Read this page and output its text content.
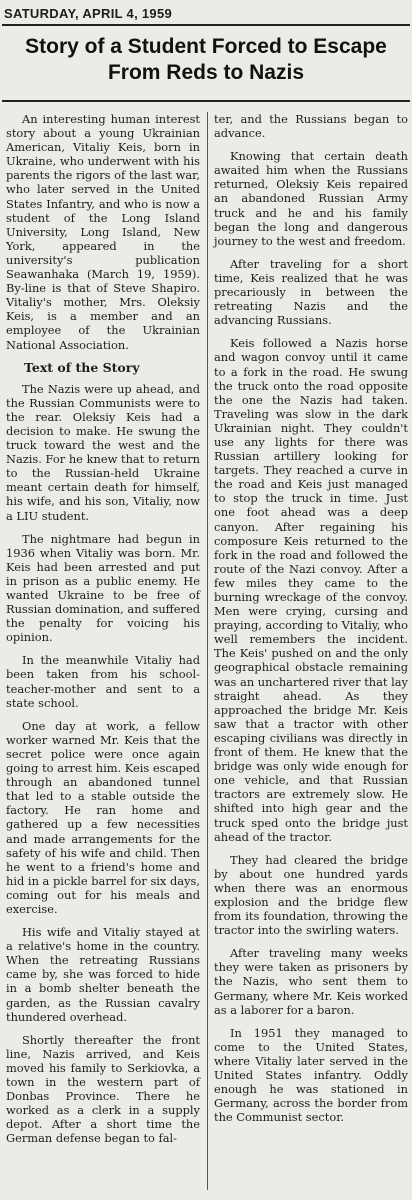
SATURDAY, APRIL 4, 1959
Story of a Student Forced to Escape
From Reds to Nazis

An interesting human interest story about a young Ukrainian American, Vitaliy Keis, born in Ukraine, who underwent with his parents the rigors of the last war, who later served in the United States Infantry, and who is now a student of the Long Island University, Long Island, New York, appeared in the university's publication Seawanhaka (March 19, 1959). By-line is that of Steve Shapiro. Vitaliy's mother, Mrs. Oleksiy Keis, is a member and an employee of the Ukrainian National Association.

Text of the Story

The Nazis were up ahead, and the Russian Communists were to the rear. Oleksiy Keis had a decision to make. He swung the truck toward the west and the Nazis. For he knew that to return to the Russian-held Ukraine meant certain death for himself, his wife, and his son, Vitaliy, now a LIU student.

The nightmare had begun in 1936 when Vitaliy was born. Mr. Keis had been arrested and put in prison as a public enemy. He wanted Ukraine to be free of Russian domination, and suffered the penalty for voicing his opinion.

In the meanwhile Vitaliy had been taken from his school-teacher-mother and sent to a state school.

One day at work, a fellow worker warned Mr. Keis that the secret police were once again going to arrest him. Keis escaped through an abandoned tunnel that led to a stable outside the factory. He ran home and gathered up a few necessities and made arrangements for the safety of his wife and child. Then he went to a friend's home and hid in a pickle barrel for six days, coming out for his meals and exercise.

His wife and Vitaliy stayed at a relative's home in the country. When the retreating Russians came by, she was forced to hide in a bomb shelter beneath the garden, as the Russian cavalry thundered overhead.

Shortly thereafter the front line, Nazis arrived, and Keis moved his family to Serkiovka, a town in the western part of Donbas Province. There he worked as a clerk in a supply depot. After a short time the German defense began to fal-

ter, and the Russians began to advance.

Knowing that certain death awaited him when the Russians returned, Oleksiy Keis repaired an abandoned Russian Army truck and he and his family began the long and dangerous journey to the west and freedom.

After traveling for a short time, Keis realized that he was precariously in between the retreating Nazis and the advancing Russians.

Keis followed a Nazis horse and wagon convoy until it came to a fork in the road. He swung the truck onto the road opposite the one the Nazis had taken. Traveling was slow in the dark Ukrainian night. They couldn't use any lights for there was Russian artillery looking for targets. They reached a curve in the road and Keis just managed to stop the truck in time. Just one foot ahead was a deep canyon. After regaining his composure Keis returned to the fork in the road and followed the route of the Nazi convoy. After a few miles they came to the burning wreckage of the convoy. Men were crying, cursing and praying, according to Vitaliy, who well remembers the incident. The Keis' pushed on and the only geographical obstacle remaining was an unchartered river that lay straight ahead. As they approached the bridge Mr. Keis saw that a tractor with other escaping civilians was directly in front of them. He knew that the bridge was only wide enough for one vehicle, and that Russian tractors are extremely slow. He shifted into high gear and the truck sped onto the bridge just ahead of the tractor.

They had cleared the bridge by about one hundred yards when there was an enormous explosion and the bridge flew from its foundation, throwing the tractor into the swirling waters.

After traveling many weeks they were taken as prisoners by the Nazis, who sent them to Germany, where Mr. Keis worked as a laborer for a baron.

In 1951 they managed to come to the United States, where Vitaliy later served in the United States infantry. Oddly enough he was stationed in Germany, across the border from the Communist sector.
